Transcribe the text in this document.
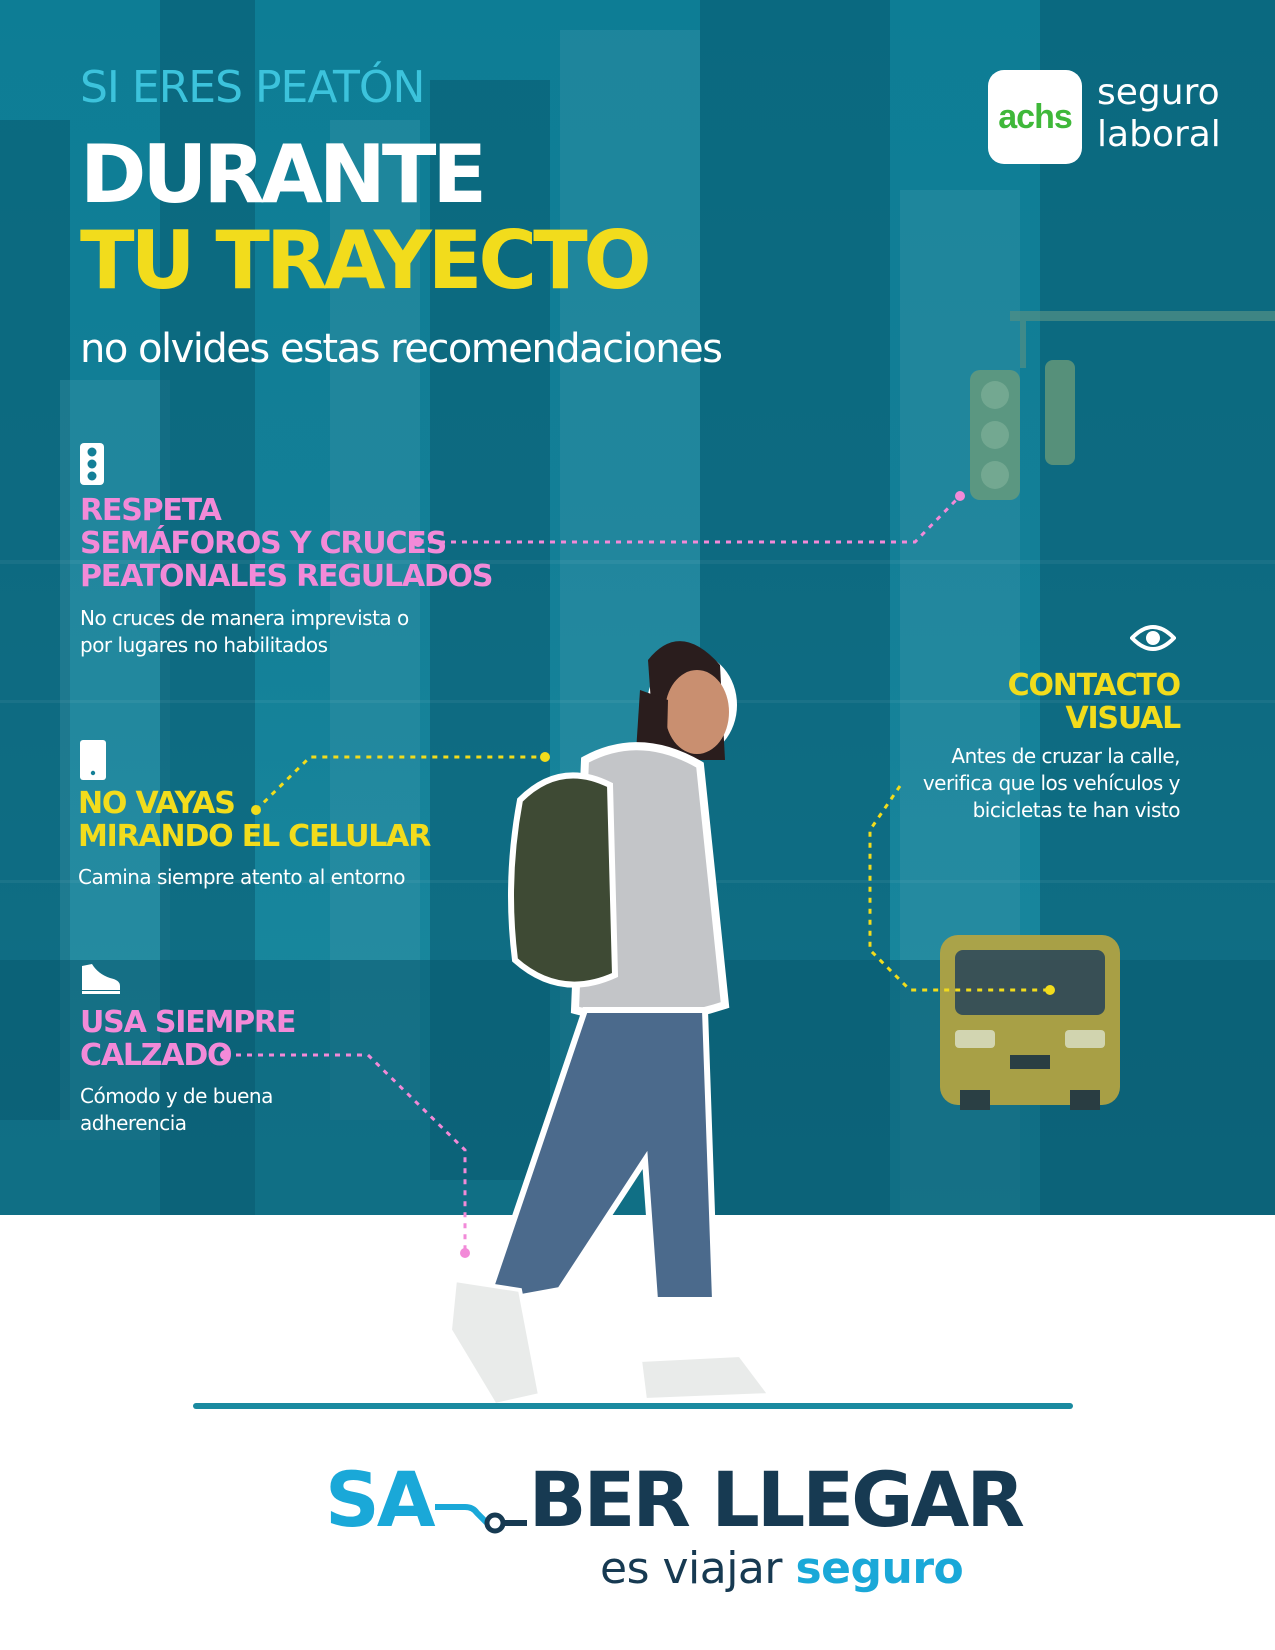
SI ERES PEATÓN
DURANTE
TU TRAYECTO
no olvides estas recomendaciones
achs
seguro
laboral
RESPETA
SEMÁFOROS Y CRUCES
PEATONALES REGULADOS
No cruces de manera imprevista o
por lugares no habilitados
NO VAYAS
MIRANDO EL CELULAR
Camina siempre atento al entorno
USA SIEMPRE
CALZADO
Cómodo y de buena
adherencia
CONTACTO
VISUAL
Antes de cruzar la calle,
verifica que los vehículos y
bicicletas te han visto
SA BER LLEGAR
es viajar seguro
